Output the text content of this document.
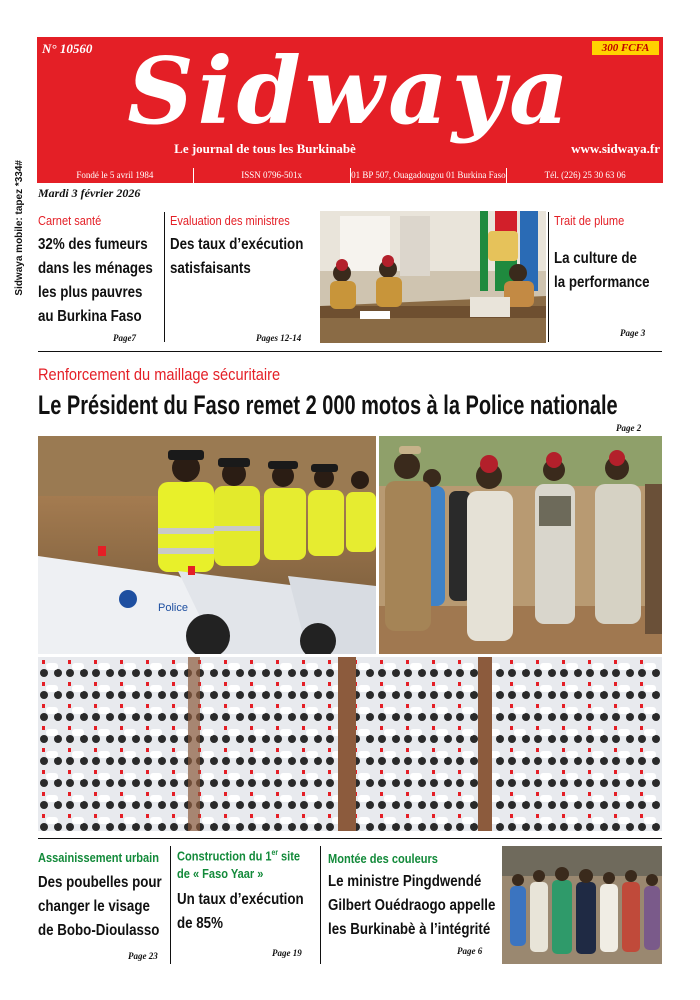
Sidwaya mobile: tapez *334#
N° 10560	300 FCFA
Sidwaya
Le journal de tous les Burkinabè	www.sidwaya.fr
Fondé le 5 avril 1984	ISSN 0796-501x	01 BP 507, Ouagadougou 01 Burkina Faso	Tél. (226) 25 30 63 06
Mardi 3 février 2026
Carnet santé
32% des fumeurs
dans les ménages
les plus pauvres
au Burkina Faso
Page7
Evaluation des ministres
Des taux d’exécution
satisfaisants
Pages 12-14
Trait de plume
La culture de
la performance
Page 3
Renforcement du maillage sécuritaire
Le Président du Faso remet 2 000 motos à la Police nationale
Page 2
Police
Assainissement urbain
Des poubelles pour
changer le visage
de Bobo-Dioulasso
Page 23
Construction du 1er site
de « Faso Yaar »
Un taux d’exécution
de 85%
Page 19
Montée des couleurs
Le ministre Pingdwendé
Gilbert Ouédraogo appelle
les Burkinabè à l’intégrité
Page 6
